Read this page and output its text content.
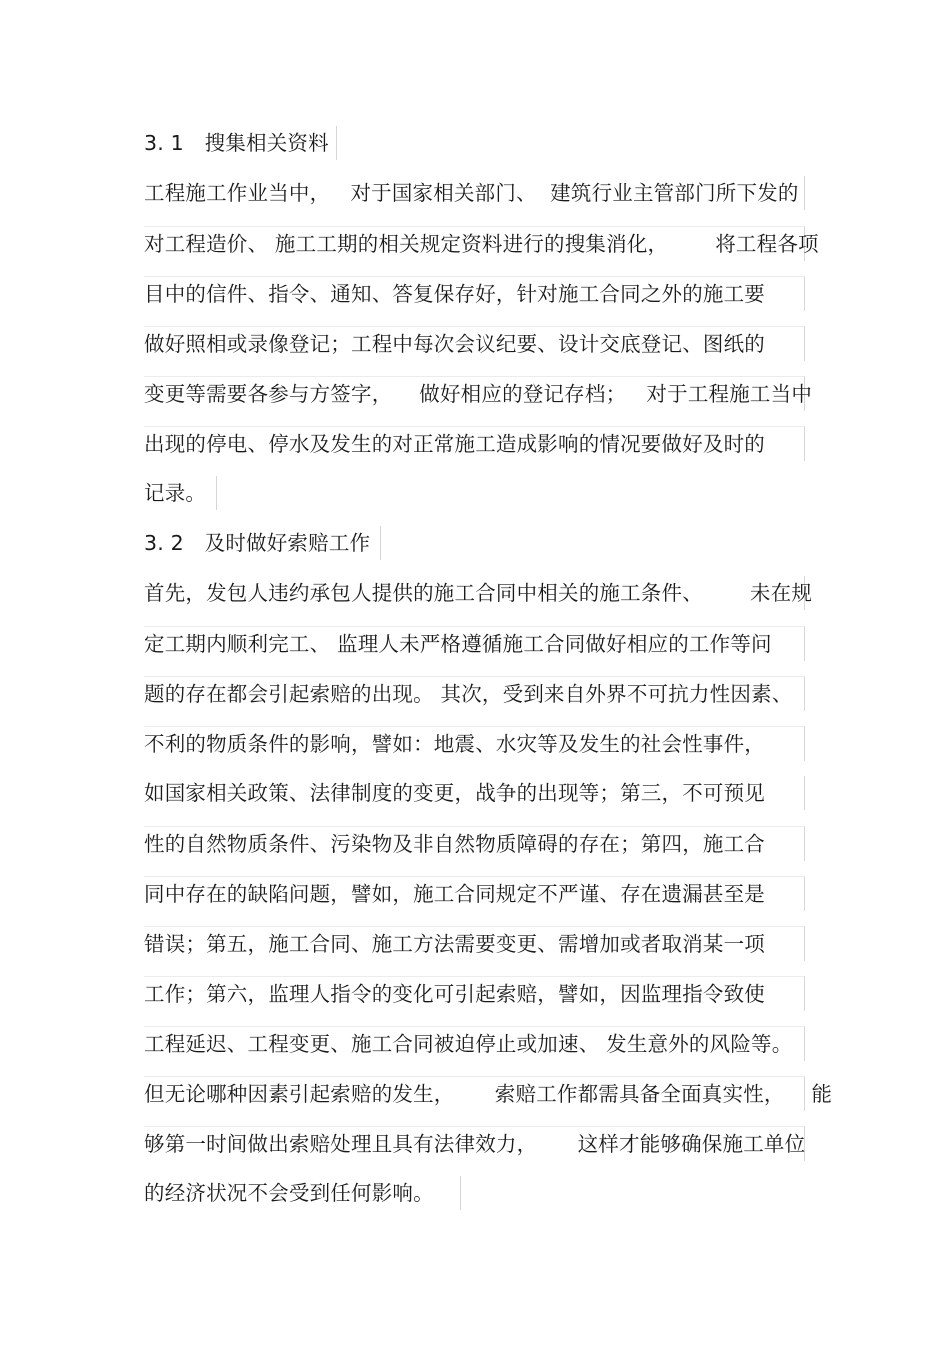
3. 1　搜集相关资料
工程施工作业当中，   对于国家相关部门、  建筑行业主管部门所下发的
对工程造价、 施工工期的相关规定资料进行的搜集消化，       将工程各项
目中的信件、指令、通知、答复保存好，针对施工合同之外的施工要
做好照相或录像登记；工程中每次会议纪要、设计交底登记、图纸的
变更等需要各参与方签字，    做好相应的登记存档；   对于工程施工当中
出现的停电、停水及发生的对正常施工造成影响的情况要做好及时的
记录。
3. 2　及时做好索赔工作
首先，发包人违约承包人提供的施工合同中相关的施工条件、       未在规
定工期内顺利完工、 监理人未严格遵循施工合同做好相应的工作等问
题的存在都会引起索赔的出现。 其次，受到来自外界不可抗力性因素、
不利的物质条件的影响，譬如：地震、水灾等及发生的社会性事件，
如国家相关政策、法律制度的变更，战争的出现等；第三，不可预见
性的自然物质条件、污染物及非自然物质障碍的存在；第四，施工合
同中存在的缺陷问题，譬如，施工合同规定不严谨、存在遗漏甚至是
错误；第五，施工合同、施工方法需要变更、需增加或者取消某一项
工作；第六，监理人指令的变化可引起索赔，譬如，因监理指令致使
工程延迟、工程变更、施工合同被迫停止或加速、 发生意外的风险等。
但无论哪种因素引起索赔的发生，      索赔工作都需具备全面真实性，    能
够第一时间做出索赔处理且具有法律效力，      这样才能够确保施工单位
的经济状况不会受到任何影响。
